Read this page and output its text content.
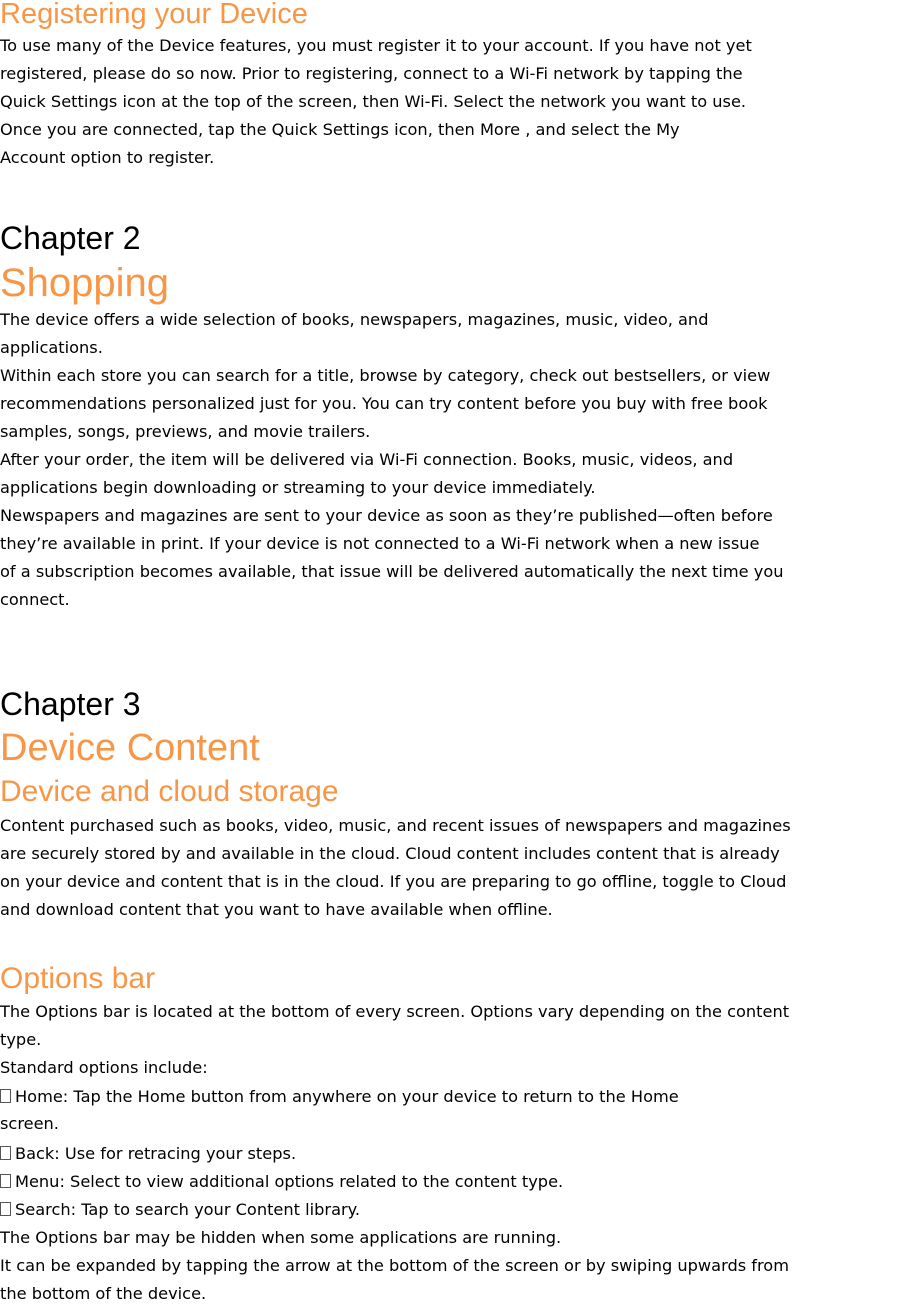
Registering your Device
To use many of the Device features, you must register it to your account. If you have not yet
registered, please do so now. Prior to registering, connect to a Wi-Fi network by tapping the
Quick Settings icon at the top of the screen, then Wi-Fi. Select the network you want to use.
Once you are connected, tap the Quick Settings icon, then More , and select the My
Account option to register.
Chapter 2
Shopping
The device offers a wide selection of books, newspapers, magazines, music, video, and
applications.
Within each store you can search for a title, browse by category, check out bestsellers, or view
recommendations personalized just for you. You can try content before you buy with free book
samples, songs, previews, and movie trailers.
After your order, the item will be delivered via Wi-Fi connection. Books, music, videos, and
applications begin downloading or streaming to your device immediately.
Newspapers and magazines are sent to your device as soon as they’re published—often before
they’re available in print. If your device is not connected to a Wi-Fi network when a new issue
of a subscription becomes available, that issue will be delivered automatically the next time you
connect.
Chapter 3
Device Content
Device and cloud storage
Content purchased such as books, video, music, and recent issues of newspapers and magazines
are securely stored by and available in the cloud. Cloud content includes content that is already
on your device and content that is in the cloud. If you are preparing to go offline, toggle to Cloud
and download content that you want to have available when offline.
Options bar
The Options bar is located at the bottom of every screen. Options vary depending on the content
type.
Standard options include:
Home: Tap the Home button from anywhere on your device to return to the Home
screen.
Back: Use for retracing your steps.
Menu: Select to view additional options related to the content type.
Search: Tap to search your Content library.
The Options bar may be hidden when some applications are running.
It can be expanded by tapping the arrow at the bottom of the screen or by swiping upwards from
the bottom of the device.
